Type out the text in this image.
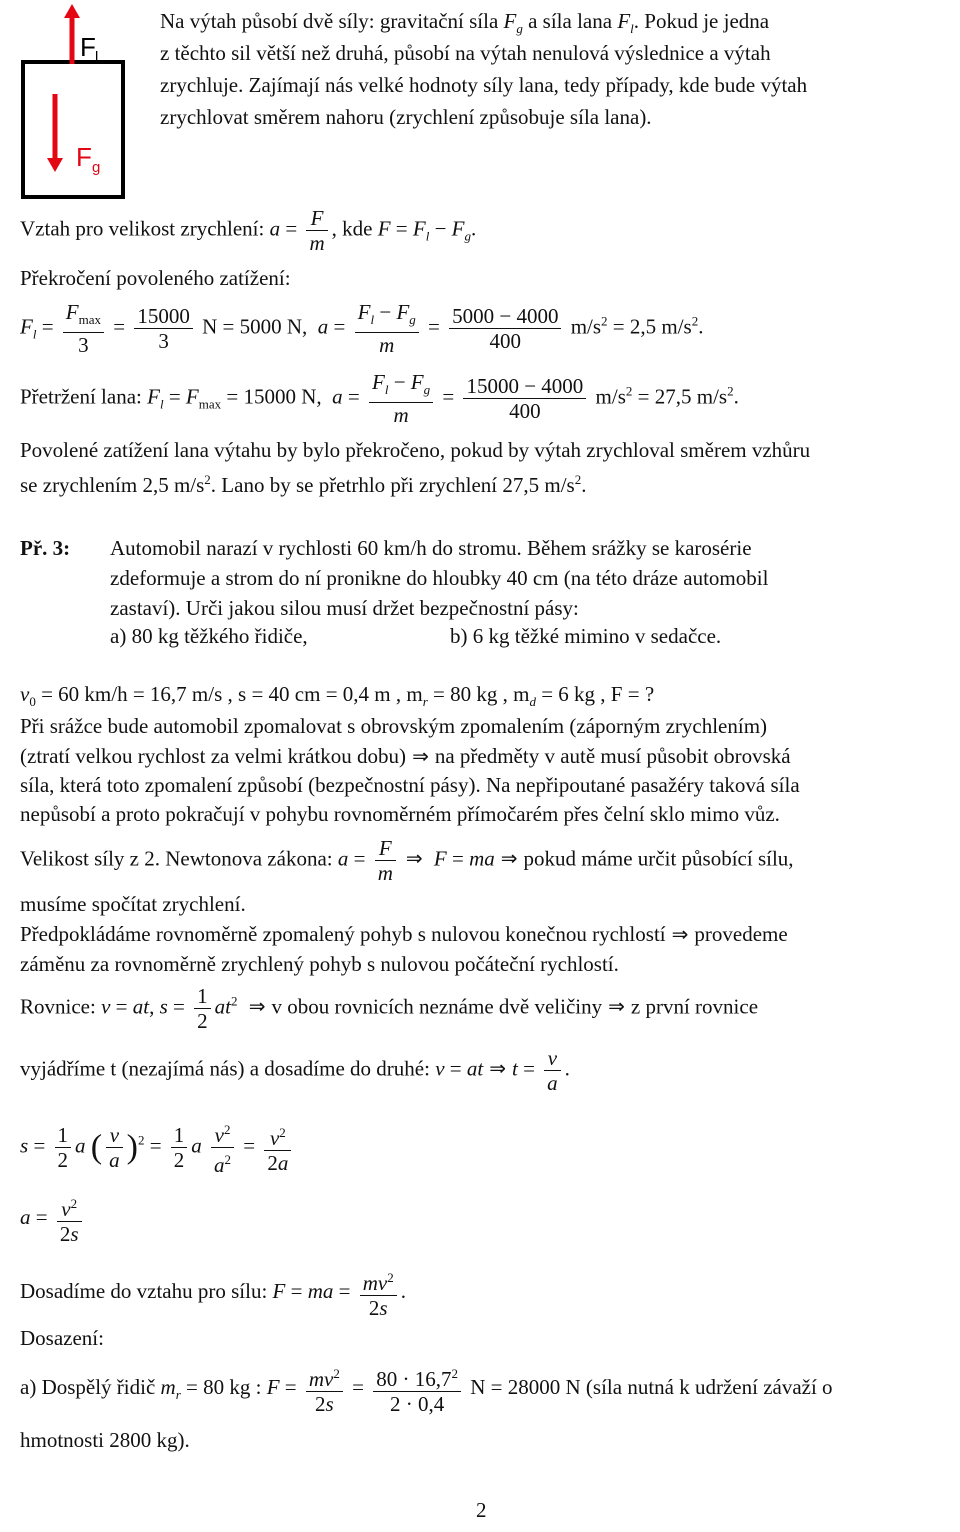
F l
F g
Na výtah působí dvě síly: gravitační síla $F_g$ a síla lana $F_l$. Pokud je jedna
z těchto sil větší než druhá, působí na výtah nenulová výslednice a výtah
zrychluje. Zajímají nás velké hodnoty síly lana, tedy případy, kde bude výtah
zrychlovat směrem nahoru (zrychlení způsobuje síla lana).
Vztah pro velikost zrychlení: $a = \frac{F}{m}$ , kde $F = F_l - F_g$.
Překročení povoleného zatížení:
$F_l = \frac{F_{max}}{3} = \frac{15000}{3}$ N = 5000 N,  $a = \frac{F_l - F_g}{m} = \frac{5000 - 4000}{400} m/s^2 = 2,5$ $m/s^2$.
Přetržení lana: $F_l = F_{max} = 15000$ N,  $a = \frac{F_l - F_g}{m} = \frac{15000 - 4000}{400} m/s^2 = 27,5$ $m/s^2$.
Povolené zatížení lana výtahu by bylo překročeno, pokud by výtah zrychloval směrem vzhůru
se zrychlením 2,5 $m/s^2$. Lano by se přetrhlo při zrychlení 27,5 $m/s^2$.
Př. 3: Automobil narazí v rychlosti 60 km/h do stromu. Během srážky se karosérie
zdeformuje a strom do ní pronikne do hloubky 40 cm (na této dráze automobil
zastaví). Urči jakou silou musí držet bezpečnostní pásy:
a) 80 kg těžkého řidiče,	b) 6 kg těžké mimino v sedačce.
$v_0 = 60$ km/h = 16,7 m/s , s = 40 cm = 0,4 m , $m_r = 80$ kg , $m_d = 6$ kg , F = ?
Při srážce bude automobil zpomalovat s obrovským zpomalením (záporným zrychlením)
(ztratí velkou rychlost za velmi krátkou dobu) ⇒ na předměty v autě musí působit obrovská
síla, která toto zpomalení způsobí (bezpečnostní pásy). Na nepřipoutané pasažéry taková síla
nepůsobí a proto pokračují v pohybu rovnoměrném přímočarém přes čelní sklo mimo vůz.
Velikost síly z 2. Newtonova zákona: $a = \frac{F}{m}$ ⇒ F = ma ⇒ pokud máme určit působící sílu,
musíme spočítat zrychlení.
Předpokládáme rovnoměrně zpomalený pohyb s nulovou konečnou rychlostí ⇒ provedeme
záměnu za rovnoměrně zrychlený pohyb s nulovou počáteční rychlostí.
Rovnice: v = at, $s = \frac{1}{2} at^2$ ⇒ v obou rovnicích neznáme dvě veličiny ⇒ z první rovnice
vyjádříme t (nezajímá nás) a dosadíme do druhé: v = at ⇒ $t = \frac{v}{a}$ .
$s = \frac{1}{2}$ a ( $\frac{v}{a} )^2 = \frac{1}{2}$ a $\frac{v^2}{a^2} = \frac{v^2}{2a}$
$a = \frac{v^2}{2s}$
Dosadíme do vztahu pro sílu: F = ma = $\frac{mv^2}{2s}$ .
Dosazení:
a) Dospělý řidič $m_r = 80$ kg : $F = \frac{mv^2}{2s} = \frac{80 \cdot 16,7^2}{2 \cdot 0,4}$ N = 28000 N (síla nutná k udržení závaží o
hmotnosti 2800 kg).
2
